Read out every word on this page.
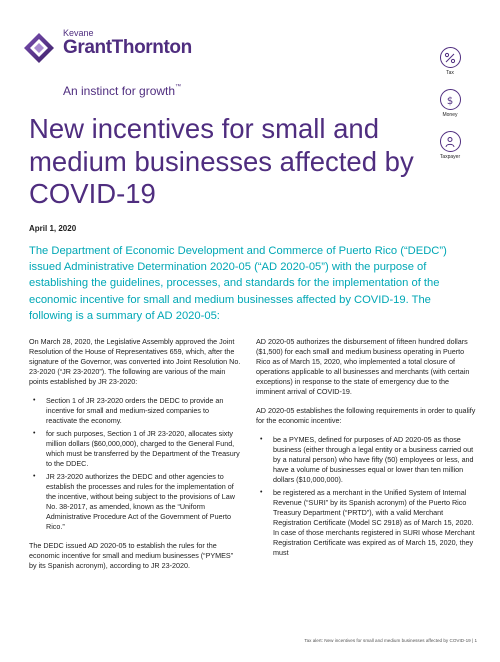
Kevane
GrantThornton
An instinct for growth™
Tax
$
Money
Taxpayer
New incentives for small and medium businesses affected by COVID-19
April 1, 2020

The Department of Economic Development and Commerce of Puerto Rico (“DEDC”) issued Administrative Determination 2020-05 (“AD 2020-05”) with the purpose of establishing the guidelines, processes, and standards for the implementation of the economic incentive for small and medium businesses affected by COVID-19. The following is a summary of AD 2020-05:

On March 28, 2020, the Legislative Assembly approved the Joint Resolution of the House of Representatives 659, which, after the signature of the Governor, was converted into Joint Resolution No. 23-2020 (“JR 23-2020”). The following are various of the main points established by JR 23-2020:

• Section 1 of JR 23-2020 orders the DEDC to provide an incentive for small and medium-sized companies to reactivate the economy.
• for such purposes, Section 1 of JR 23-2020, allocates sixty million dollars ($60,000,000), charged to the General Fund, which must be transferred by the Department of the Treasury to the DDEC.
• JR 23-2020 authorizes the DEDC and other agencies to establish the processes and rules for the implementation of the incentive, without being subject to the provisions of Law No. 38-2017, as amended, known as the “Uniform Administrative Procedure Act of the Government of Puerto Rico.”

The DEDC issued AD 2020-05 to establish the rules for the economic incentive for small and medium businesses (“PYMES” by its Spanish acronym), according to JR 23-2020.

AD 2020-05 authorizes the disbursement of fifteen hundred dollars ($1,500) for each small and medium business operating in Puerto Rico as of March 15, 2020, who implemented a total closure of operations applicable to all businesses and merchants (with certain exceptions) in response to the state of emergency due to the imminent arrival of COVID-19.

AD 2020-05 establishes the following requirements in order to qualify for the economic incentive:

• be a PYMES, defined for purposes of AD 2020-05 as those business (either through a legal entity or a business carried out by a natural person) who have fifty (50) employees or less, and have a volume of businesses equal or lower than ten million dollars ($10,000,000).
• be registered as a merchant in the Unified System of Internal Revenue (“SURI” by its Spanish acronym) of the Puerto Rico Treasury Department (“PRTD”), with a valid Merchant Registration Certificate (Model SC 2918) as of March 15, 2020. In case of those merchants registered in SURI whose Merchant Registration Certificate was expired as of March 15, 2020, they must
Tax alert: New incentives for small and medium businesses affected by COVID-19 | 1
